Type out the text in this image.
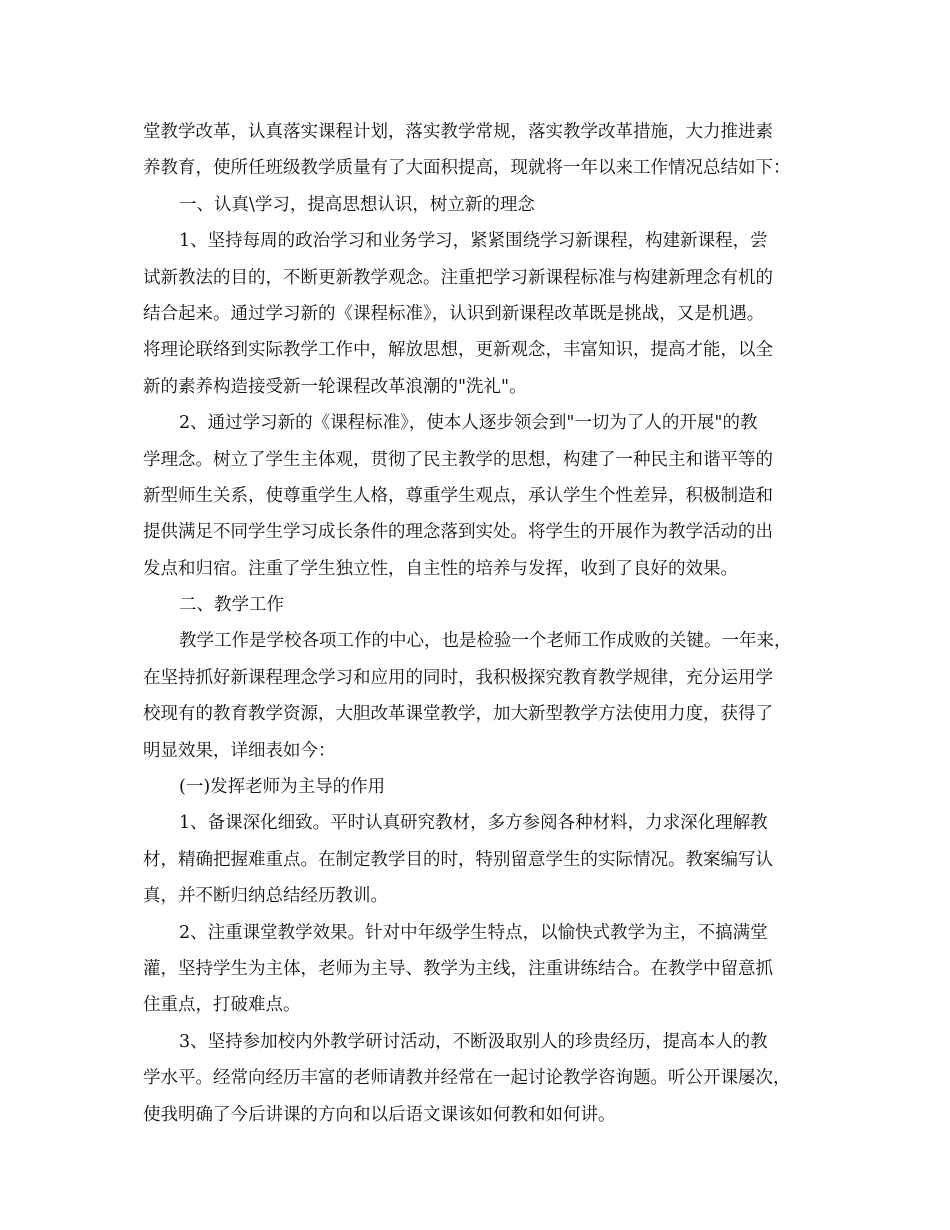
堂教学改革，认真落实课程计划，落实教学常规，落实教学改革措施，大力推进素
养教育，使所任班级教学质量有了大面积提高，现就将一年以来工作情况总结如下：
一、认真\学习，提高思想认识，树立新的理念
1、坚持每周的政治学习和业务学习，紧紧围绕学习新课程，构建新课程，尝
试新教法的目的，不断更新教学观念。注重把学习新课程标准与构建新理念有机的
结合起来。通过学习新的《课程标准》，认识到新课程改革既是挑战，又是机遇。
将理论联络到实际教学工作中，解放思想，更新观念，丰富知识，提高才能，以全
新的素养构造接受新一轮课程改革浪潮的"洗礼"。
2、通过学习新的《课程标准》，使本人逐步领会到"一切为了人的开展"的教
学理念。树立了学生主体观，贯彻了民主教学的思想，构建了一种民主和谐平等的
新型师生关系，使尊重学生人格，尊重学生观点，承认学生个性差异，积极制造和
提供满足不同学生学习成长条件的理念落到实处。将学生的开展作为教学活动的出
发点和归宿。注重了学生独立性，自主性的培养与发挥，收到了良好的效果。
二、教学工作
教学工作是学校各项工作的中心，也是检验一个老师工作成败的关键。一年来，
在坚持抓好新课程理念学习和应用的同时，我积极探究教育教学规律，充分运用学
校现有的教育教学资源，大胆改革课堂教学，加大新型教学方法使用力度，获得了
明显效果，详细表如今：
(一)发挥老师为主导的作用
1、备课深化细致。平时认真研究教材，多方参阅各种材料，力求深化理解教
材，精确把握难重点。在制定教学目的时，特别留意学生的实际情况。教案编写认
真，并不断归纳总结经历教训。
2、注重课堂教学效果。针对中年级学生特点，以愉快式教学为主，不搞满堂
灌，坚持学生为主体，老师为主导、教学为主线，注重讲练结合。在教学中留意抓
住重点，打破难点。
3、坚持参加校内外教学研讨活动，不断汲取别人的珍贵经历，提高本人的教
学水平。经常向经历丰富的老师请教并经常在一起讨论教学咨询题。听公开课屡次，
使我明确了今后讲课的方向和以后语文课该如何教和如何讲。
